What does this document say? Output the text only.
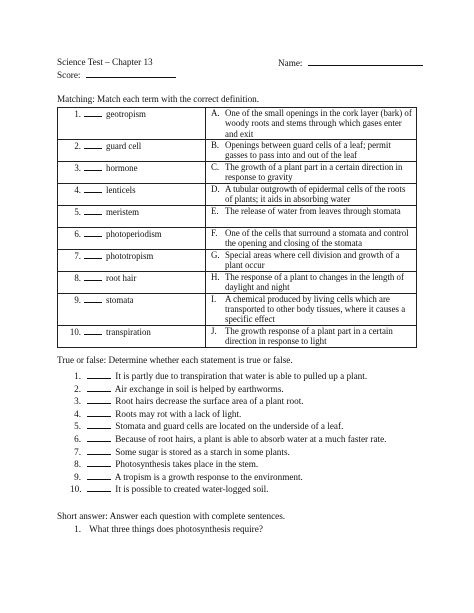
Science Test – Chapter 13	Name:
Score:
Matching: Match each term with the correct definition.
1. geotropism	A. One of the small openings in the cork layer (bark) of
woody roots and stems through which gases enter
and exit

2. guard cell	B. Openings between guard cells of a leaf; permit
gasses to pass into and out of the leaf

3. hormone	C. The growth of a plant part in a certain direction in
response to gravity

4. lenticels	D. A tubular outgrowth of epidermal cells of the roots
of plants; it aids in absorbing water

5. meristem	E. The release of water from leaves through stomata

6. photoperiodism	F. One of the cells that surround a stomata and control
the opening and closing of the stomata

7. phototropism	G. Special areas where cell division and growth of a
plant occur

8. root hair	H. The response of a plant to changes in the length of
daylight and night

9. stomata	I. A chemical produced by living cells which are
transported to other body tissues, where it causes a
specific effect

10. transpiration	J. The growth response of a plant part in a certain
direction in response to light
True or false: Determine whether each statement is true or false.
1.	It is partly due to transpiration that water is able to pulled up a plant.
2.	Air exchange in soil is helped by earthworms.
3.	Root hairs decrease the surface area of a plant root.
4.	Roots may rot with a lack of light.
5.	Stomata and guard cells are located on the underside of a leaf.
6.	Because of root hairs, a plant is able to absorb water at a much faster rate.
7.	Some sugar is stored as a starch in some plants.
8.	Photosynthesis takes place in the stem.
9.	A tropism is a growth response to the environment.
10.	It is possible to created water-logged soil.
Short answer: Answer each question with complete sentences.
1. What three things does photosynthesis require?
